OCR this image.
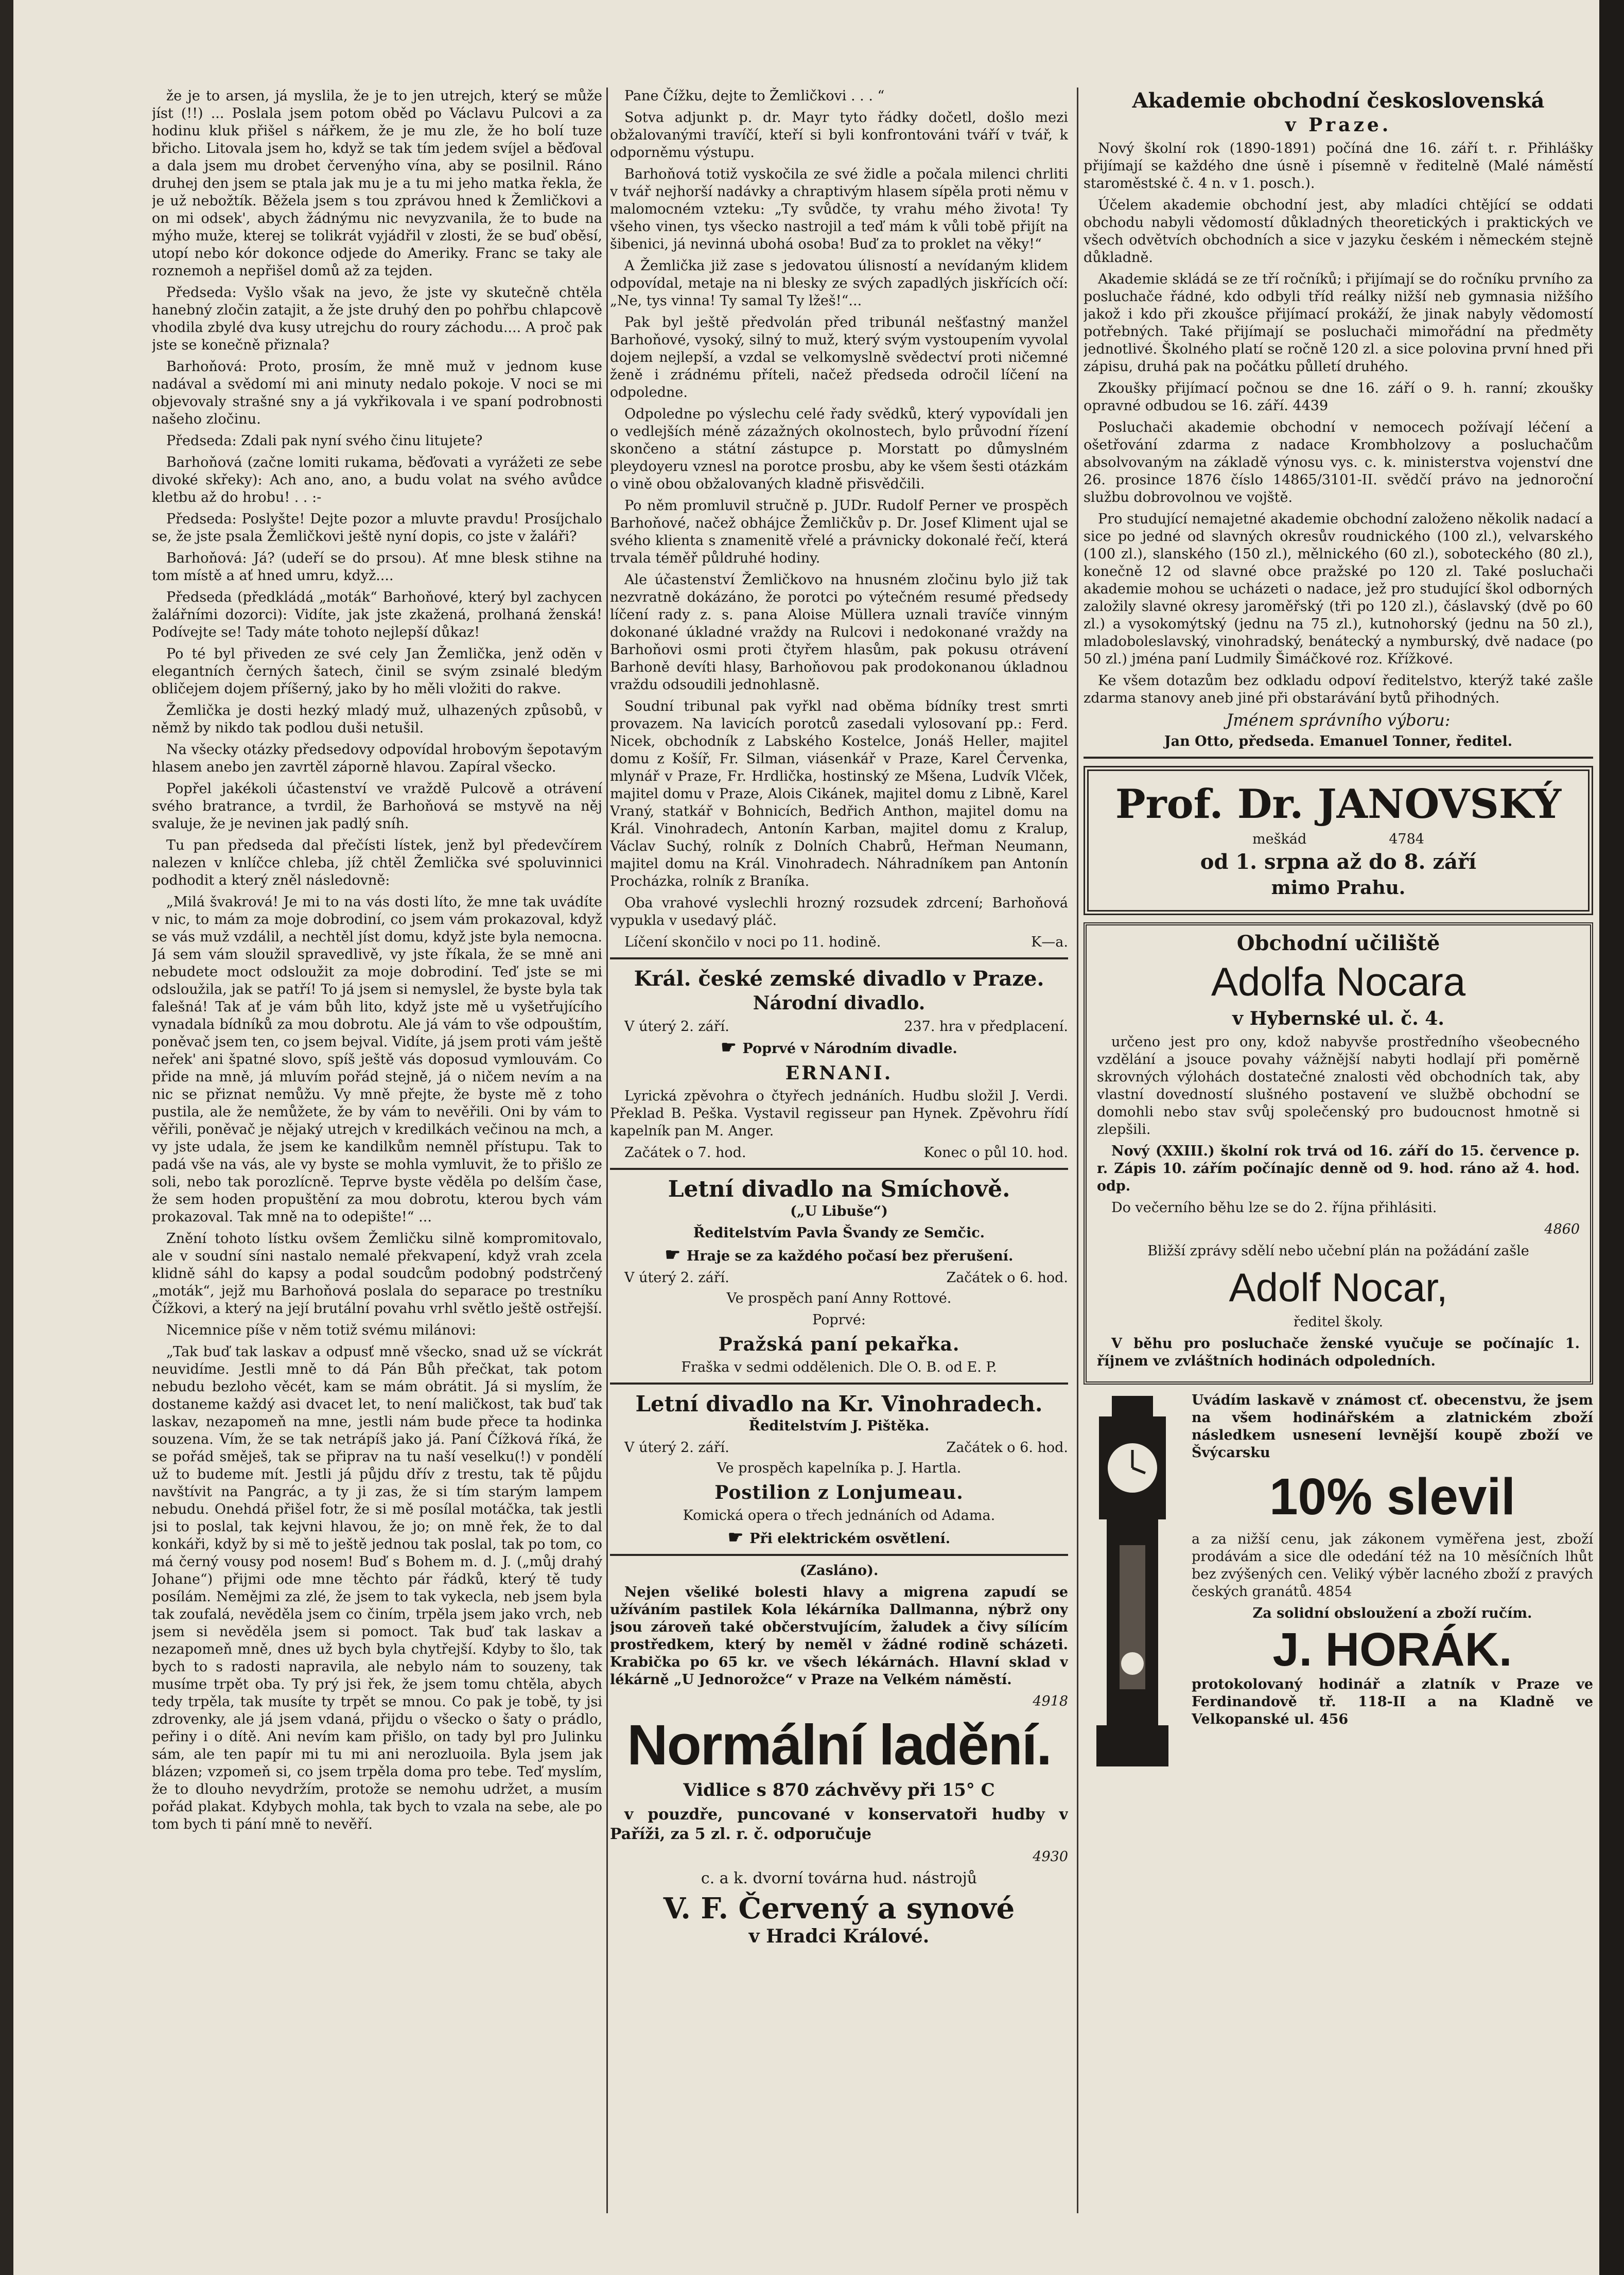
že je to arsen, já myslila, že je to jen utrejch, který se může jíst (!!) ... Poslala jsem potom oběd po Václavu Pulcovi a za hodinu kluk přišel s nářkem, že je mu zle, že ho bolí tuze břicho. Litovala jsem ho, když se tak tím jedem svíjel a běďoval a dala jsem mu drobet červenýho vína, aby se posilnil. Ráno druhej den jsem se ptala jak mu je a tu mi jeho matka řekla, že je už nebožtík. Běžela jsem s tou zprávou hned k Žemličkovi a on mi odsek', abych žádnýmu nic nevyzvanila, že to bude na mýho muže, kterej se tolikrát vyjádřil v zlosti, že se buď oběsí, utopí nebo kór dokonce odjede do Ameriky. Franc se taky ale roznemoh a nepřišel domů až za tejden.

Předseda: Vyšlo však na jevo, že jste vy skutečně chtěla hanebný zločin zatajit, a že jste druhý den po pohřbu chlapcově vhodila zbylé dva kusy utrejchu do roury záchodu.... A proč pak jste se konečně přiznala?

Barhoňová: Proto, prosím, že mně muž v jednom kuse nadával a svědomí mi ani minuty nedalo pokoje. V noci se mi objevovaly strašné sny a já vykřikovala i ve spaní podrobnosti našeho zločinu.

Předseda: Zdali pak nyní svého činu litujete?

Barhoňová (začne lomiti rukama, běďovati a vyrážeti ze sebe divoké skřeky): Ach ano, ano, a budu volat na svého avůdce kletbu až do hrobu! . . :-

Předseda: Poslyšte! Dejte pozor a mluvte pravdu! Prosíjchalo se, že jste psala Žemličkovi ještě nyní dopis, co jste v žaláři?

Barhoňová: Já? (udeří se do prsou). Ať mne blesk stihne na tom místě a ať hned umru, když....

Předseda (předkládá „moták“ Barhoňové, který byl zachycen žalářními dozorci): Vidíte, jak jste zkažená, prolhaná ženská! Podívejte se! Tady máte tohoto nejlepší důkaz!

Po té byl přiveden ze své cely Jan Žemlička, jenž oděn v elegantních černých šatech, činil se svým zsinalé bledým obličejem dojem příšerný, jako by ho měli vložiti do rakve.

Žemlička je dosti hezký mladý muž, ulhazených způsobů, v němž by nikdo tak podlou duši netušil.

Na všecky otázky předsedovy odpovídal hrobovým šepotavým hlasem anebo jen zavrtěl záporně hlavou. Zapíral všecko.

Popřel jakékoli účastenství ve vraždě Pulcově a otrávení svého bratrance, a tvrdil, že Barhoňová se mstyvě na něj svaluje, že je nevinen jak padlý sníh.

Tu pan předseda dal přečísti lístek, jenž byl předevčírem nalezen v knlíčce chleba, jíž chtěl Žemlička své spoluvinnici podhodit a který zněl následovně:

„Milá švakrová! Je mi to na vás dosti líto, že mne tak uvádíte v nic, to mám za moje dobrodiní, co jsem vám prokazoval, když se vás muž vzdálil, a nechtěl jíst domu, když jste byla nemocna. Já sem vám sloužil spravedlivě, vy jste říkala, že se mně ani nebudete moct odsloužit za moje dobrodiní. Teď jste se mi odsloužila, jak se patří! To já jsem si nemyslel, že byste byla tak falešná! Tak ať je vám bůh lito, když jste mě u vyšetřujícího vynadala bídníků za mou dobrotu. Ale já vám to vše odpouštím, poněvač jsem ten, co jsem bejval. Vidíte, já jsem proti vám ještě neřek' ani špatné slovo, spíš ještě vás doposud vymlouvám. Co přide na mně, já mluvím pořád stejně, já o ničem nevím a na nic se přiznat nemůžu. Vy mně přejte, že byste mě z toho pustila, ale že nemůžete, že by vám to nevěřili. Oni by vám to věřili, poněvač je nějaký utrejch v kredilkách večinou na mch, a vy jste udala, že jsem ke kandilkům nemněl přístupu. Tak to padá vše na vás, ale vy byste se mohla vymluvit, že to přišlo ze soli, nebo tak porozlícně. Teprve byste věděla po delším čase, že sem hoden propuštění za mou dobrotu, kterou bych vám prokazoval. Tak mně na to odepište!“ ...

Znění tohoto lístku ovšem Žemličku silně kompromitovalo, ale v soudní síni nastalo nemalé překvapení, když vrah zcela klidně sáhl do kapsy a podal soudcům podobný podstrčený „moták“, jejž mu Barhoňová poslala do separace po trestníku Čížkovi, a který na její brutální povahu vrhl světlo ještě ostřejší.

Nicemnice píše v něm totiž svému milánovi:

„Tak buď tak laskav a odpusť mně všecko, snad už se víckrát neuvidíme. Jestli mně to dá Pán Bůh přečkat, tak potom nebudu bezloho věcét, kam se mám obrátit. Já si myslím, že dostaneme každý asi dvacet let, to není maličkost, tak buď tak laskav, nezapomeň na mne, jestli nám bude přece ta hodinka souzena. Vím, že se tak netrápíš jako já. Paní Čížková říká, že se pořád směješ, tak se připrav na tu naší veselku(!) v pondělí už to budeme mít. Jestli já půjdu dřív z trestu, tak tě půjdu navštívit na Pangrác, a ty ji zas, že si tím starým lampem nebudu. Onehdá přišel fotr, že si mě posílal motáčka, tak jestli jsi to poslal, tak kejvni hlavou, že jo; on mně řek, že to dal konkáři, když by si mě to ještě jednou tak poslal, tak po tom, co má černý vousy pod nosem! Buď s Bohem m. d. J. („můj drahý Johane“) přijmi ode mne těchto pár řádků, který tě tudy posílám. Nemějmi za zlé, že jsem to tak vykecla, neb jsem byla tak zoufalá, nevěděla jsem co činím, trpěla jsem jako vrch, neb jsem si nevěděla jsem si pomoct. Tak buď tak laskav a nezapomeň mně, dnes už bych byla chytřejší. Kdyby to šlo, tak bych to s radosti napravila, ale nebylo nám to souzeny, tak musíme trpět oba. Ty prý jsi řek, že jsem tomu chtěla, abych tedy trpěla, tak musíte ty trpět se mnou. Co pak je tobě, ty jsi zdrovenky, ale já jsem vdaná, přijdu o všecko o šaty o prádlo, peřiny i o dítě. Ani nevím kam přišlo, on tady byl pro Julinku sám, ale ten papír mi tu mi ani nerozluoila. Byla jsem jak blázen; vzpomeň si, co jsem trpěla doma pro tebe. Teď myslím, že to dlouho nevydržím, protože se nemohu udržet, a musím pořád plakat. Kdybych mohla, tak bych to vzala na sebe, ale po tom bych ti pání mně to nevěří.

Pane Čížku, dejte to Žemličkovi . . . “

Sotva adjunkt p. dr. Mayr tyto řádky dočetl, došlo mezi obžalovanými travíčí, kteří si byli konfrontováni tváří v tvář, k odporněmu výstupu.

Barhoňová totiž vyskočila ze své židle a počala milenci chrliti v tvář nejhorší nadávky a chraptivým hlasem sípěla proti němu v malomocném vzteku: „Ty svůdče, ty vrahu mého života! Ty všeho vinen, tys všecko nastrojil a teď mám k vůli tobě přijít na šibenici, já nevinná ubohá osoba! Buď za to proklet na věky!“

A Žemlička již zase s jedovatou úlisností a nevídaným klidem odpovídal, metaje na ni blesky ze svých zapadlých jiskřících očí: „Ne, tys vinna! Ty samal Ty lžeš!“...

Pak byl ještě předvolán před tribunál nešťastný manžel Barhoňové, vysoký, silný to muž, který svým vystoupením vyvolal dojem nejlepší, a vzdal se velkomyslně svědectví proti ničemné ženě i zrádnému příteli, načež předseda odročil líčení na odpoledne.

Odpoledne po výslechu celé řady svědků, který vypovídali jen o vedlejších méně zázažných okolnostech, bylo průvodní řízení skončeno a státní zástupce p. Morstatt po důmyslném pleydoyeru vznesl na porotce prosbu, aby ke všem šesti otázkám o vině obou obžalovaných kladně přisvědčili.

Po něm promluvil stručně p. JUDr. Rudolf Perner ve prospěch Barhoňové, načež obhájce Žemličkův p. Dr. Josef Kliment ujal se svého klienta s znamenitě vřelé a právnicky dokonalé řečí, která trvala téměř půldruhé hodiny.

Ale účastenství Žemličkovo na hnusném zločinu bylo již tak nezvratně dokázáno, že porotci po výtečném resumé předsedy líčení rady z. s. pana Aloise Müllera uznali travíče vinným dokonané úkladné vraždy na Rulcovi i nedokonané vraždy na Barhoňovi osmi proti čtyřem hlasům, pak pokusu otrávení Barhoně devíti hlasy, Barhoňovou pak prodokonanou úkladnou vraždu odsoudili jednohlasně.

Soudní tribunal pak vyřkl nad oběma bídníky trest smrti provazem. Na lavicích porotců zasedali vylosovaní pp.: Ferd. Nicek, obchodník z Labského Kostelce, Jonáš Heller, majitel domu z Košíř, Fr. Silman, viásenkář v Praze, Karel Červenka, mlynář v Praze, Fr. Hrdlička, hostinský ze Mšena, Ludvík Vlček, majitel domu v Praze, Alois Cikánek, majitel domu z Libně, Karel Vraný, statkář v Bohnicích, Bedřich Anthon, majitel domu na Král. Vinohradech, Antonín Karban, majitel domu z Kralup, Václav Suchý, rolník z Dolních Chabrů, Heřman Neumann, majitel domu na Král. Vinohradech. Náhradníkem pan Antonín Procházka, rolník z Braníka.

Oba vrahové vyslechli hrozný rozsudek zdrcení; Barhoňová vypukla v usedavý pláč.

Líčení skončilo v noci po 11. hodině.	K—a.
Král. české zemské divadlo v Praze.
Národní divadlo.
V úterý 2. září.	237. hra v předplacení.

☛ Poprvé v Národním divadle.

ERNANI.

Lyrická zpěvohra o čtyřech jednáních. Hudbu složil J. Verdi. Překlad B. Peška. Vystavil regisseur pan Hynek. Zpěvohru řídí kapelník pan M. Anger.

Začátek o 7. hod.	Konec o půl 10. hod.
Letní divadlo na Smíchově.

(„U Libuše“)

Ředitelstvím Pavla Švandy ze Semčic.

☛ Hraje se za každého počasí bez přerušení.

V úterý 2. září.	Začátek o 6. hod.

Ve prospěch paní Anny Rottové.

Poprvé:

Pražská paní pekařka.

Fraška v sedmi oddělenich. Dle O. B. od E. P.

Letní divadlo na Kr. Vinohradech.

Ředitelstvím J. Pištěka.

V úterý 2. září.	Začátek o 6. hod.

Ve prospěch kapelníka p. J. Hartla.

Postilion z Lonjumeau.

Komická opera o třech jednáních od Adama.

☛ Při elektrickém osvětlení.

(Zasláno).

Nejen všeliké bolesti hlavy a migrena zapudí se užíváním pastilek Kola lékárníka Dallmanna, nýbrž ony jsou zároveň také občerstvujícím, žaludek a čivy sílícím prostředkem, který by neměl v žádné rodině scházeti. Krabička po 65 kr. ve všech lékárnách. Hlavní sklad v lékárně „U Jednorožce“ v Praze na Velkém náměstí.

4918

Normální ladění.

Vidlice s 870 záchvěvy při 15° C

v pouzdře, puncované v konservatoři hudby v Paříži, za 5 zl. r. č. odporučuje

4930

c. a k. dvorní továrna hud. nástrojů

V. F. Červený a synové
v Hradci Králové.
Akademie obchodní československá
v Praze.

Nový školní rok (1890-1891) počíná dne 16. září t. r. Přihlášky přijímají se každého dne úsně i písemně v ředitelně (Malé náměstí staroměstské č. 4 n. v 1. posch.).

Účelem akademie obchodní jest, aby mladíci chtějící se oddati obchodu nabyli vědomostí důkladných theoretických i praktických ve všech odvětvích obchodních a sice v jazyku českém i německém stejně důkladně.

Akademie skládá se ze tří ročníků; i přijímají se do ročníku prvního za posluchače řádné, kdo odbyli tříd reálky nižší neb gymnasia nižšího jakož i kdo při zkoušce přijímací prokáží, že jinak nabyly vědomostí potřebných. Také přijímají se posluchači mimořádní na předměty jednotlivé. Školného platí se ročně 120 zl. a sice polovina první hned při zápisu, druhá pak na počátku půlletí druhého.

Zkoušky přijímací počnou se dne 16. září o 9. h. ranní; zkoušky opravné odbudou se 16. září. 4439

Posluchači akademie obchodní v nemocech požívají léčení a ošetřování zdarma z nadace Krombholzovy a posluchačům absolvovaným na základě výnosu vys. c. k. ministerstva vojenství dne 26. prosince 1876 číslo 14865/3101-II. svědčí právo na jednoroční službu dobrovolnou ve vojště.

Pro studující nemajetné akademie obchodní založeno několik nadací a sice po jedné od slavných okresův roudnického (100 zl.), velvarského (100 zl.), slanského (150 zl.), mělnického (60 zl.), soboteckého (80 zl.), konečně 12 od slavné obce pražské po 120 zl. Také posluchači akademie mohou se ucházeti o nadace, jež pro studující škol odborných založily slavné okresy jaroměřský (tři po 120 zl.), čáslavský (dvě po 60 zl.) a vysokomýtský (jednu na 75 zl.), kutnohorský (jednu na 50 zl.), mladoboleslavský, vinohradský, benátecký a nymburský, dvě nadace (po 50 zl.) jména paní Ludmily Šimáčkové roz. Křížkové.

Ke všem dotazům bez odkladu odpoví ředitelstvo, kterýž také zašle zdarma stanovy aneb jiné při obstarávání bytů přihodných.

Jménem správního výboru:

Jan Otto, předseda. Emanuel Tonner, ředitel.

Prof. Dr. JANOVSKÝ
meškád	4784
od 1. srpna až do 8. září
mimo Prahu.
Obchodní učiliště
Adolfa Nocara
v Hybernské ul. č. 4.

určeno jest pro ony, kdož nabyvše prostředního všeobecného vzdělání a jsouce povahy vážnější nabyti hodlají při poměrně skrovných výlohách dostatečné znalosti věd obchodních tak, aby vlastní dovedností slušného postavení ve službě obchodní se domohli nebo stav svůj společenský pro budoucnost hmotně si zlepšili.

Nový (XXIII.) školní rok trvá od 16. září do 15. července p. r. Zápis 10. zářím počínajíc denně od 9. hod. ráno až 4. hod. odp.

Do večerního běhu lze se do 2. října přihlásiti.

4860

Bližší zprávy sdělí nebo učební plán na požádání zašle

Adolf Nocar,

ředitel školy.

V běhu pro posluchače ženské vyučuje se počínajíc 1. říjnem ve zvláštních hodinách odpoledních.

Uvádím laskavě v známost cť. obecenstvu, že jsem na všem hodinářském a zlatnickém zboží následkem usnesení levnější koupě zboží ve Švýcarsku

10% slevil

a za nižší cenu, jak zákonem vyměřena jest, zboží prodávám a sice dle odedání též na 10 měsíčních lhůt bez zvýšených cen. Veliký výběr lacného zboží z pravých českých granátů. 4854

Za solidní obsloužení a zboží ručím.

J. HORÁK.

protokolovaný hodinář a zlatník v Praze ve Ferdinandově tř. 118-II a na Kladně ve Velkopanské ul. 456
